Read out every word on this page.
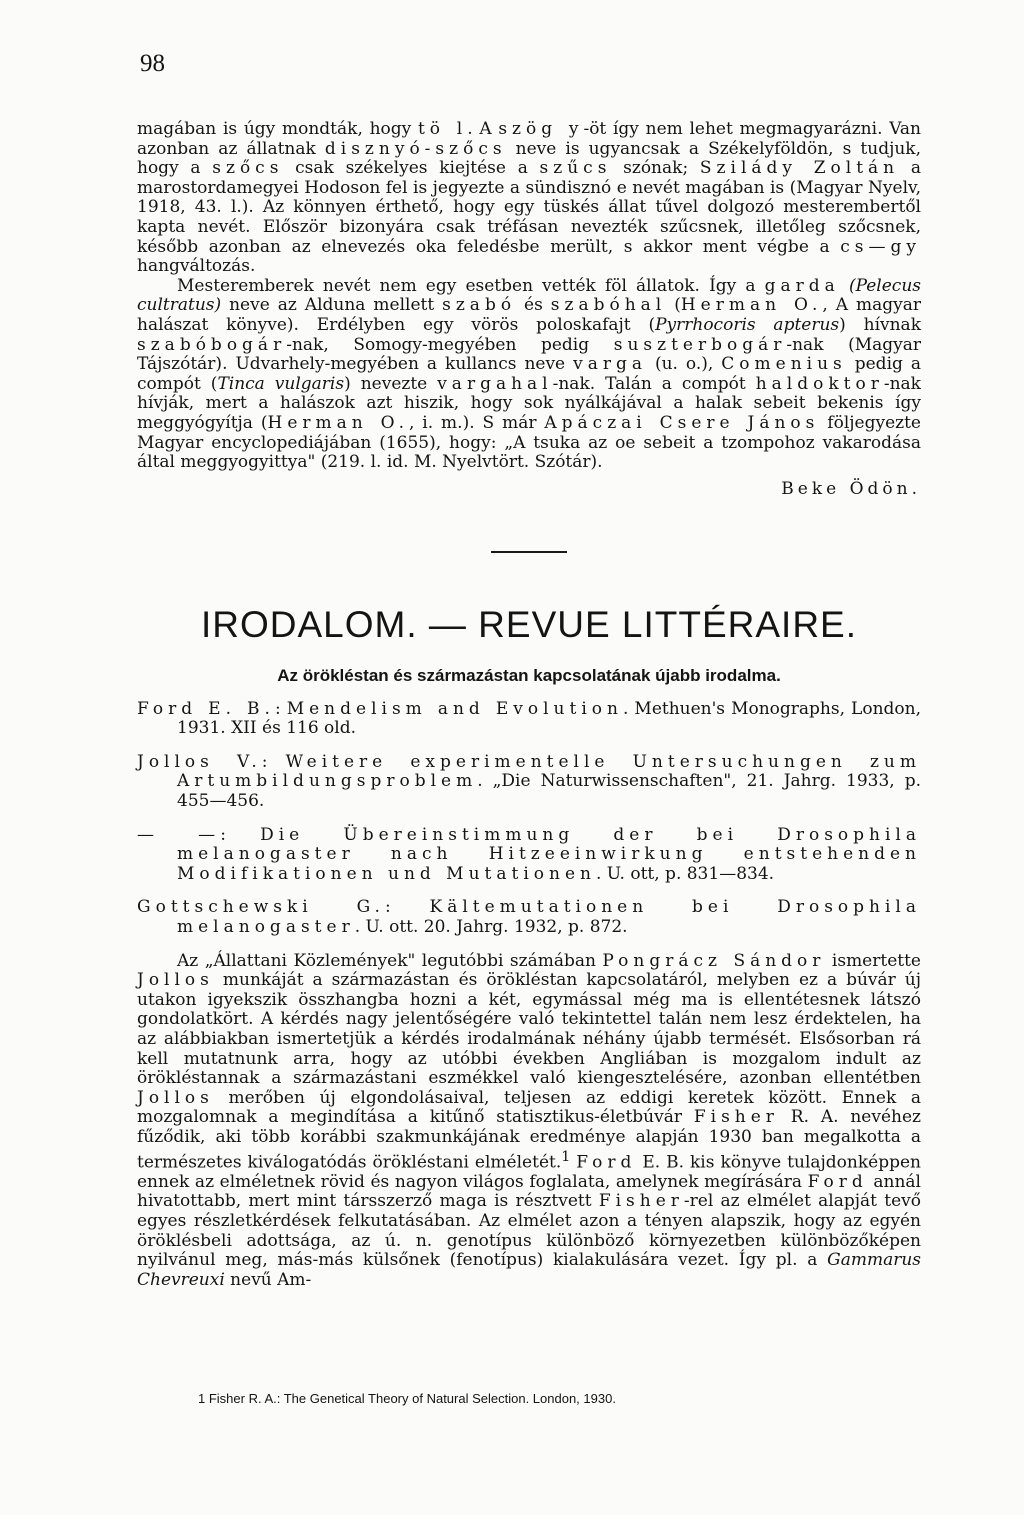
98

magában is úgy mondták, hogy tö l. A szög y-öt így nem lehet megmagyarázni. Van azonban az állatnak disznyó-szőcs neve is ugyancsak a Székelyföldön, s tudjuk, hogy a szőcs csak székelyes kiejtése a szűcs szónak; Szilády Zoltán a marostordamegyei Hodoson fel is jegyezte a sündisznó e nevét magában is (Magyar Nyelv, 1918, 43. l.). Az könnyen érthető, hogy egy tüskés állat tűvel dolgozó mesterembertől kapta nevét. Először bizonyára csak tréfásan nevezték szűcsnek, illetőleg szőcsnek, később azonban az elnevezés oka feledésbe merült, s akkor ment végbe a cs—gy hangváltozás.

Mesteremberek nevét nem egy esetben vették föl állatok. Így a garda (Pelecus cultratus) neve az Alduna mellett szabó és szabóhal (Herman O., A magyar halászat könyve). Erdélyben egy vörös poloskafajt (Pyrrhocoris apterus) hívnak szabóbogár-nak, Somogy-megyében pedig suszterbogár-nak (Magyar Tájszótár). Udvarhely-megyében a kullancs neve varga (u. o.), Comenius pedig a compót (Tinca vulgaris) nevezte vargahal-nak. Talán a compót haldoktor-nak hívják, mert a halászok azt hiszik, hogy sok nyálkájával a halak sebeit bekenis így meggyógyítja (Herman O., i. m.). S már Apáczai Csere János följegyezte Magyar encyclopediájában (1655), hogy: „A tsuka az oe sebeit a tzompohoz vakarodása által meggyogyittya" (219. l. id. M. Nyelvtört. Szótár).

Beke Ödön.
IRODALOM. — REVUE LITTÉRAIRE.
Az örökléstan és származástan kapcsolatának újabb irodalma.
Ford E. B.: Mendelism and Evolution. Methuen's Monographs, London, 1931. XII és 116 old.
Jollos V.: Weitere experimentelle Untersuchungen zum Artumbildungsproblem. „Die Naturwissenschaften", 21. Jahrg. 1933, p. 455—456.
— —: Die Übereinstimmung der bei Drosophila melanogaster nach Hitzeeinwirkung entstehenden Modifikationen und Mutationen. U. ott, p. 831—834.
Gottschewski G.: Kältemutationen bei Drosophila melanogaster. U. ott. 20. Jahrg. 1932, p. 872.

Az „Állattani Közlemények" legutóbbi számában Pongrácz Sándor ismertette Jollos munkáját a származástan és örökléstan kapcsolatáról, melyben ez a búvár új utakon igyekszik összhangba hozni a két, egymással még ma is ellentétesnek látszó gondolatkört. A kérdés nagy jelentőségére való tekintettel talán nem lesz érdektelen, ha az alábbiakban ismertetjük a kérdés irodalmának néhány újabb termését. Elsősorban rá kell mutatnunk arra, hogy az utóbbi években Angliában is mozgalom indult az örökléstannak a származástani eszmékkel való kiengesztelésére, azonban ellentétben Jollos merőben új elgondolásaival, teljesen az eddigi keretek között. Ennek a mozgalomnak a megindítása a kitűnő statisztikus-életbúvár Fisher R. A. nevéhez fűződik, aki több korábbi szakmunkájának eredménye alapján 1930 ban megalkotta a természetes kiválogatódás örökléstani elméletét.$^1$ Ford E. B. kis könyve tulajdonképpen ennek az elméletnek rövid és nagyon világos foglalata, amelynek megírására Ford annál hivatottabb, mert mint társszerző maga is résztvett Fisher-rel az elmélet alapját tevő egyes részletkérdések felkutatásában. Az elmélet azon a tényen alapszik, hogy az egyén öröklésbeli adottsága, az ú. n. genotípus különböző környezetben különbözőképen nyilvánul meg, más-más külsőnek (fenotípus) kialakulására vezet. Így pl. a Gammarus Chevreuxi nevű Am-

1 Fisher R. A.: The Genetical Theory of Natural Selection. London, 1930.
